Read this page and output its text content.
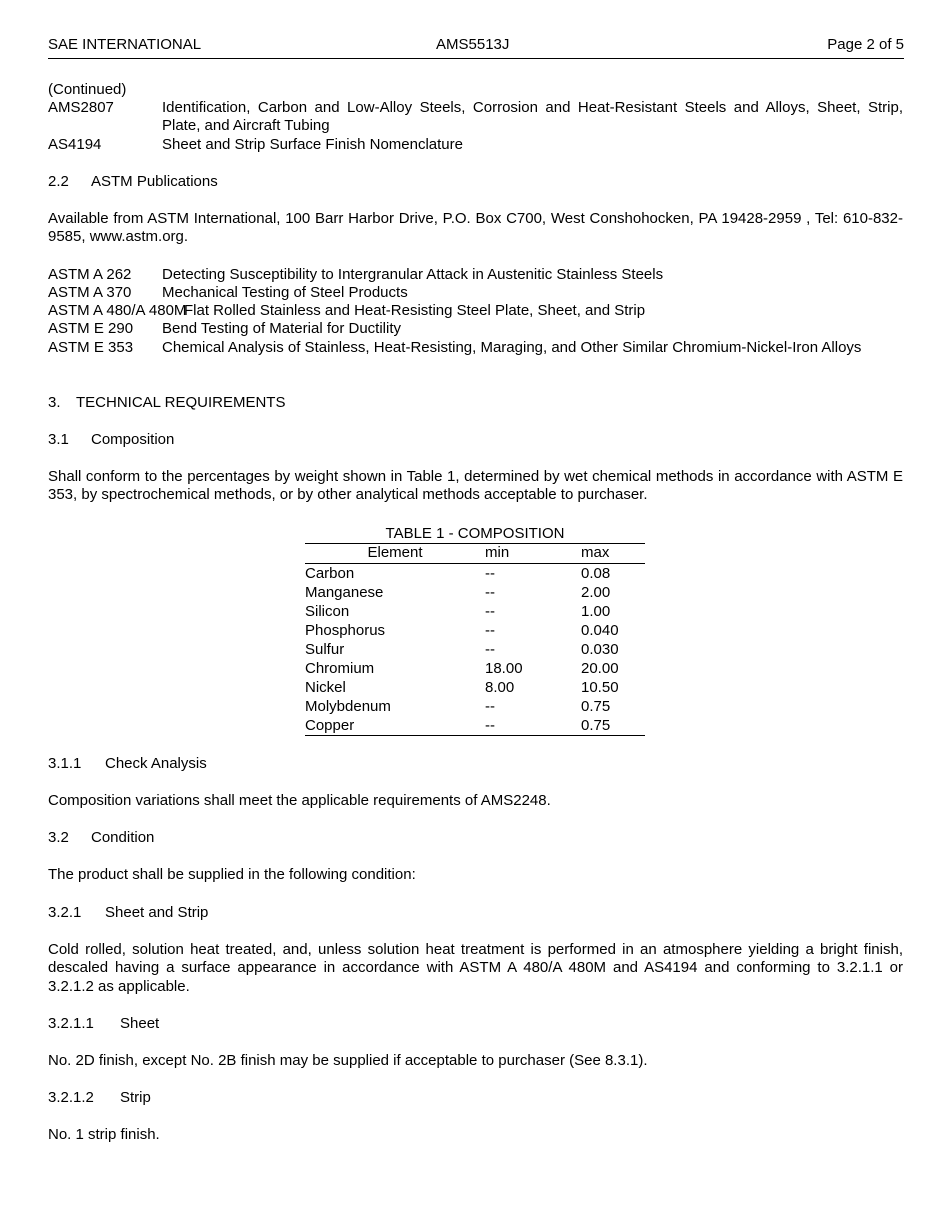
SAE INTERNATIONAL	AMS5513J	Page 2 of 5
(Continued)
AMS2807	Identification, Carbon and Low-Alloy Steels, Corrosion and Heat-Resistant Steels and Alloys, Sheet, Strip, Plate, and Aircraft Tubing
AS4194	Sheet and Strip Surface Finish Nomenclature
2.2 ASTM Publications
Available from ASTM International, 100 Barr Harbor Drive, P.O. Box C700, West Conshohocken, PA 19428-2959 , Tel: 610-832-9585, www.astm.org.
ASTM A 262 Detecting Susceptibility to Intergranular Attack in Austenitic Stainless Steels
ASTM A 370 Mechanical Testing of Steel Products
ASTM A 480/A 480M
Flat Rolled Stainless and Heat-Resisting Steel Plate, Sheet, and Strip
ASTM E 290 Bend Testing of Material for Ductility
ASTM E 353 Chemical Analysis of Stainless, Heat-Resisting, Maraging, and Other Similar Chromium-Nickel-Iron Alloys
3. TECHNICAL REQUIREMENTS
3.1 Composition
Shall conform to the percentages by weight shown in Table 1, determined by wet chemical methods in accordance with ASTM E 353, by spectrochemical methods, or by other analytical methods acceptable to purchaser.
TABLE 1 - COMPOSITION
Element	min	max
Carbon	--	0.08
Manganese	--	2.00
Silicon	--	1.00
Phosphorus	--	0.040
Sulfur	--	0.030
Chromium	18.00	20.00
Nickel	8.00	10.50
Molybdenum	--	0.75
Copper	--	0.75
3.1.1 Check Analysis
Composition variations shall meet the applicable requirements of AMS2248.
3.2 Condition
The product shall be supplied in the following condition:
3.2.1 Sheet and Strip
Cold rolled, solution heat treated, and, unless solution heat treatment is performed in an atmosphere yielding a bright finish, descaled having a surface appearance in accordance with ASTM A 480/A 480M and AS4194 and conforming to 3.2.1.1 or 3.2.1.2 as applicable.
3.2.1.1 Sheet
No. 2D finish, except No. 2B finish may be supplied if acceptable to purchaser (See 8.3.1).
3.2.1.2 Strip
No. 1 strip finish.
